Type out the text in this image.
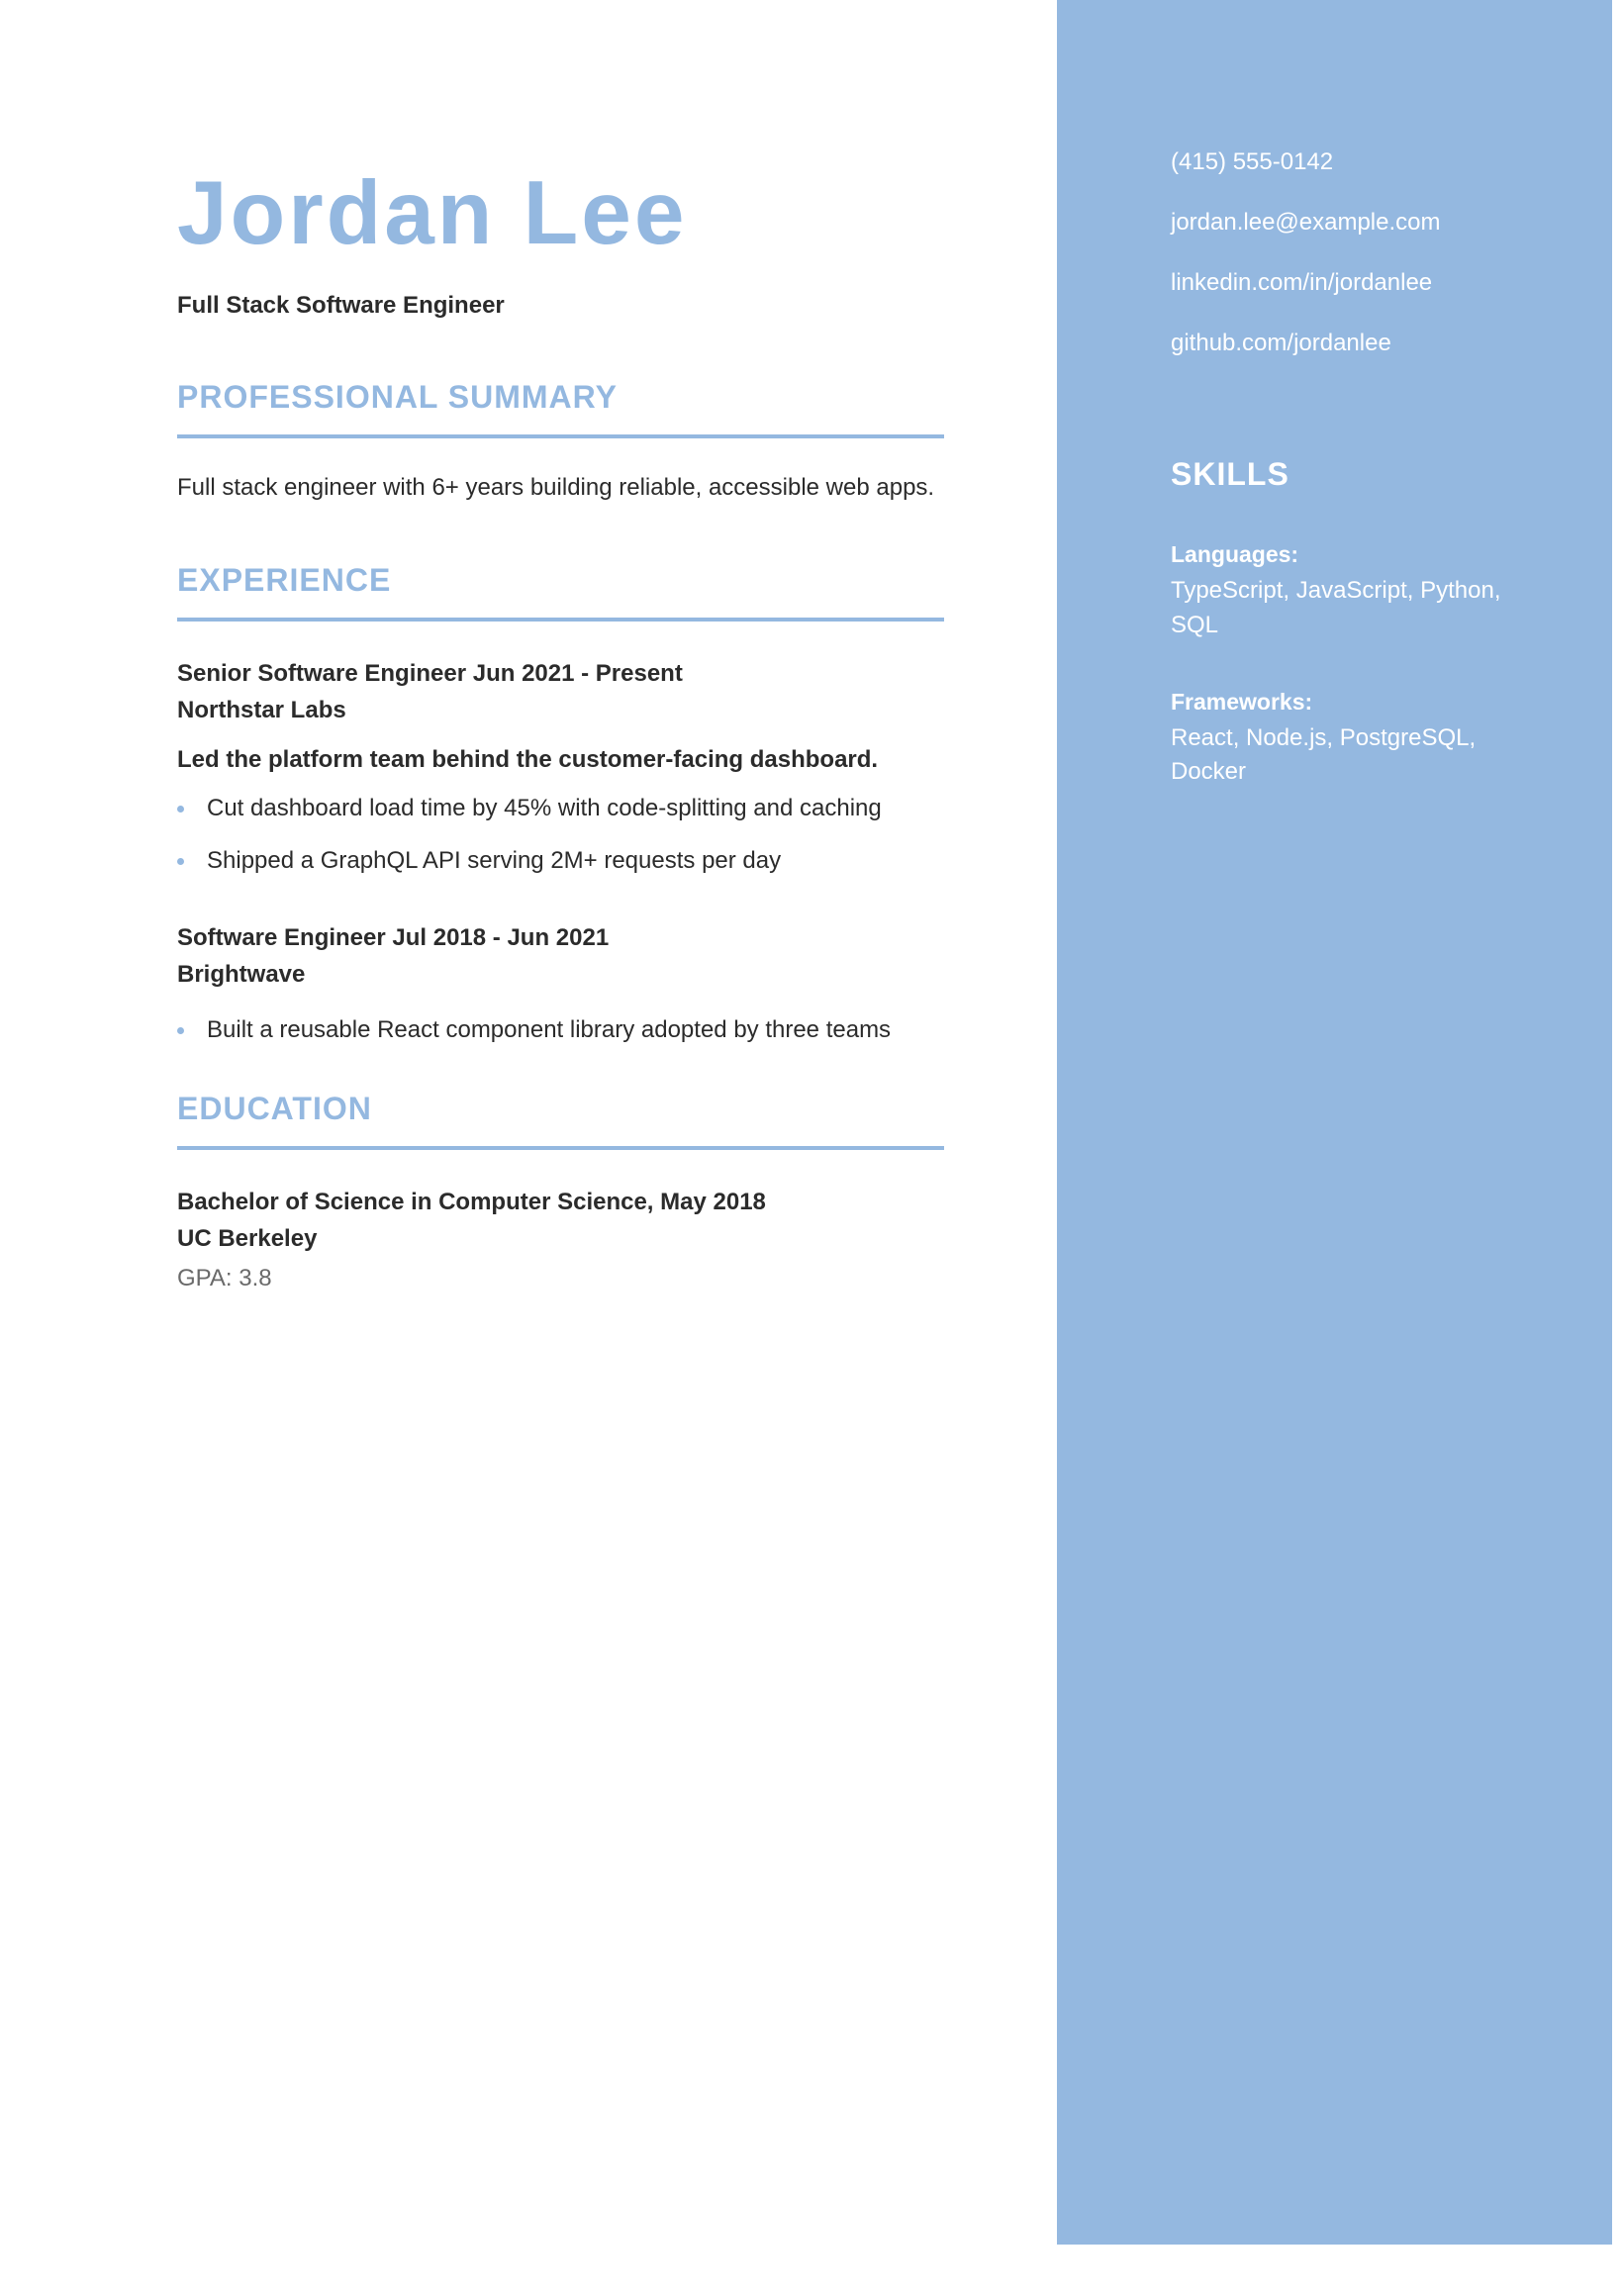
Jordan Lee
Full Stack Software Engineer
PROFESSIONAL SUMMARY
Full stack engineer with 6+ years building reliable, accessible web apps.
EXPERIENCE
Senior Software Engineer Jun 2021 - Present
Northstar Labs
Led the platform team behind the customer-facing dashboard.
Cut dashboard load time by 45% with code-splitting and caching
Shipped a GraphQL API serving 2M+ requests per day
Software Engineer Jul 2018 - Jun 2021
Brightwave
Built a reusable React component library adopted by three teams
EDUCATION
Bachelor of Science in Computer Science, May 2018
UC Berkeley
GPA: 3.8
(415) 555-0142
jordan.lee@example.com
linkedin.com/in/jordanlee
github.com/jordanlee
SKILLS
Languages:
TypeScript, JavaScript, Python, SQL
Frameworks:
React, Node.js, PostgreSQL, Docker
